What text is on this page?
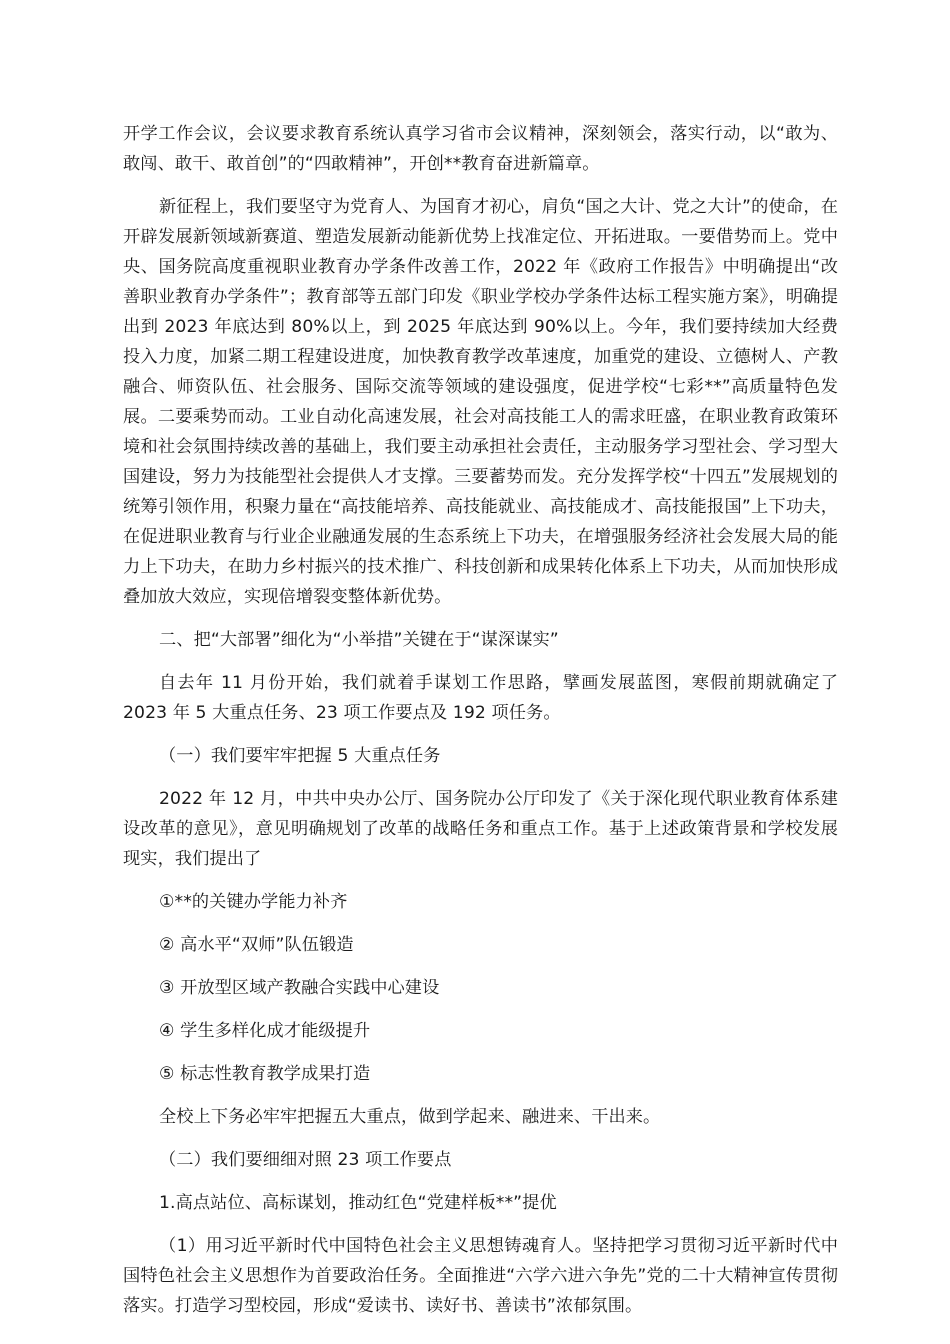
开学工作会议，会议要求教育系统认真学习省市会议精神，深刻领会，落实行动，以“敢为、敢闯、敢干、敢首创”的“四敢精神”，开创**教育奋进新篇章。

新征程上，我们要坚守为党育人、为国育才初心，肩负“国之大计、党之大计”的使命，在开辟发展新领域新赛道、塑造发展新动能新优势上找准定位、开拓进取。一要借势而上。党中央、国务院高度重视职业教育办学条件改善工作，2022 年《政府工作报告》中明确提出“改善职业教育办学条件”；教育部等五部门印发《职业学校办学条件达标工程实施方案》，明确提出到 2023 年底达到 80%以上，到 2025 年底达到 90%以上。今年，我们要持续加大经费投入力度，加紧二期工程建设进度，加快教育教学改革速度，加重党的建设、立德树人、产教融合、师资队伍、社会服务、国际交流等领域的建设强度，促进学校“七彩**”高质量特色发展。二要乘势而动。工业自动化高速发展，社会对高技能工人的需求旺盛，在职业教育政策环境和社会氛围持续改善的基础上，我们要主动承担社会责任，主动服务学习型社会、学习型大国建设，努力为技能型社会提供人才支撑。三要蓄势而发。充分发挥学校“十四五”发展规划的统筹引领作用，积聚力量在“高技能培养、高技能就业、高技能成才、高技能报国”上下功夫，在促进职业教育与行业企业融通发展的生态系统上下功夫，在增强服务经济社会发展大局的能力上下功夫，在助力乡村振兴的技术推广、科技创新和成果转化体系上下功夫，从而加快形成叠加放大效应，实现倍增裂变整体新优势。

二、把“大部署”细化为“小举措”关键在于“谋深谋实”

自去年 11 月份开始，我们就着手谋划工作思路，擘画发展蓝图，寒假前期就确定了 2023 年 5 大重点任务、23 项工作要点及 192 项任务。

（一）我们要牢牢把握 5 大重点任务

2022 年 12 月，中共中央办公厅、国务院办公厅印发了《关于深化现代职业教育体系建设改革的意见》，意见明确规划了改革的战略任务和重点工作。基于上述政策背景和学校发展现实，我们提出了

①**的关键办学能力补齐

② 高水平“双师”队伍锻造

③ 开放型区域产教融合实践中心建设

④ 学生多样化成才能级提升

⑤ 标志性教育教学成果打造

全校上下务必牢牢把握五大重点，做到学起来、融进来、干出来。

（二）我们要细细对照 23 项工作要点

1.高点站位、高标谋划，推动红色“党建样板**”提优

（1）用习近平新时代中国特色社会主义思想铸魂育人。坚持把学习贯彻习近平新时代中国特色社会主义思想作为首要政治任务。全面推进“六学六进六争先”党的二十大精神宣传贯彻落实。打造学习型校园，形成“爱读书、读好书、善读书”浓郁氛围。
